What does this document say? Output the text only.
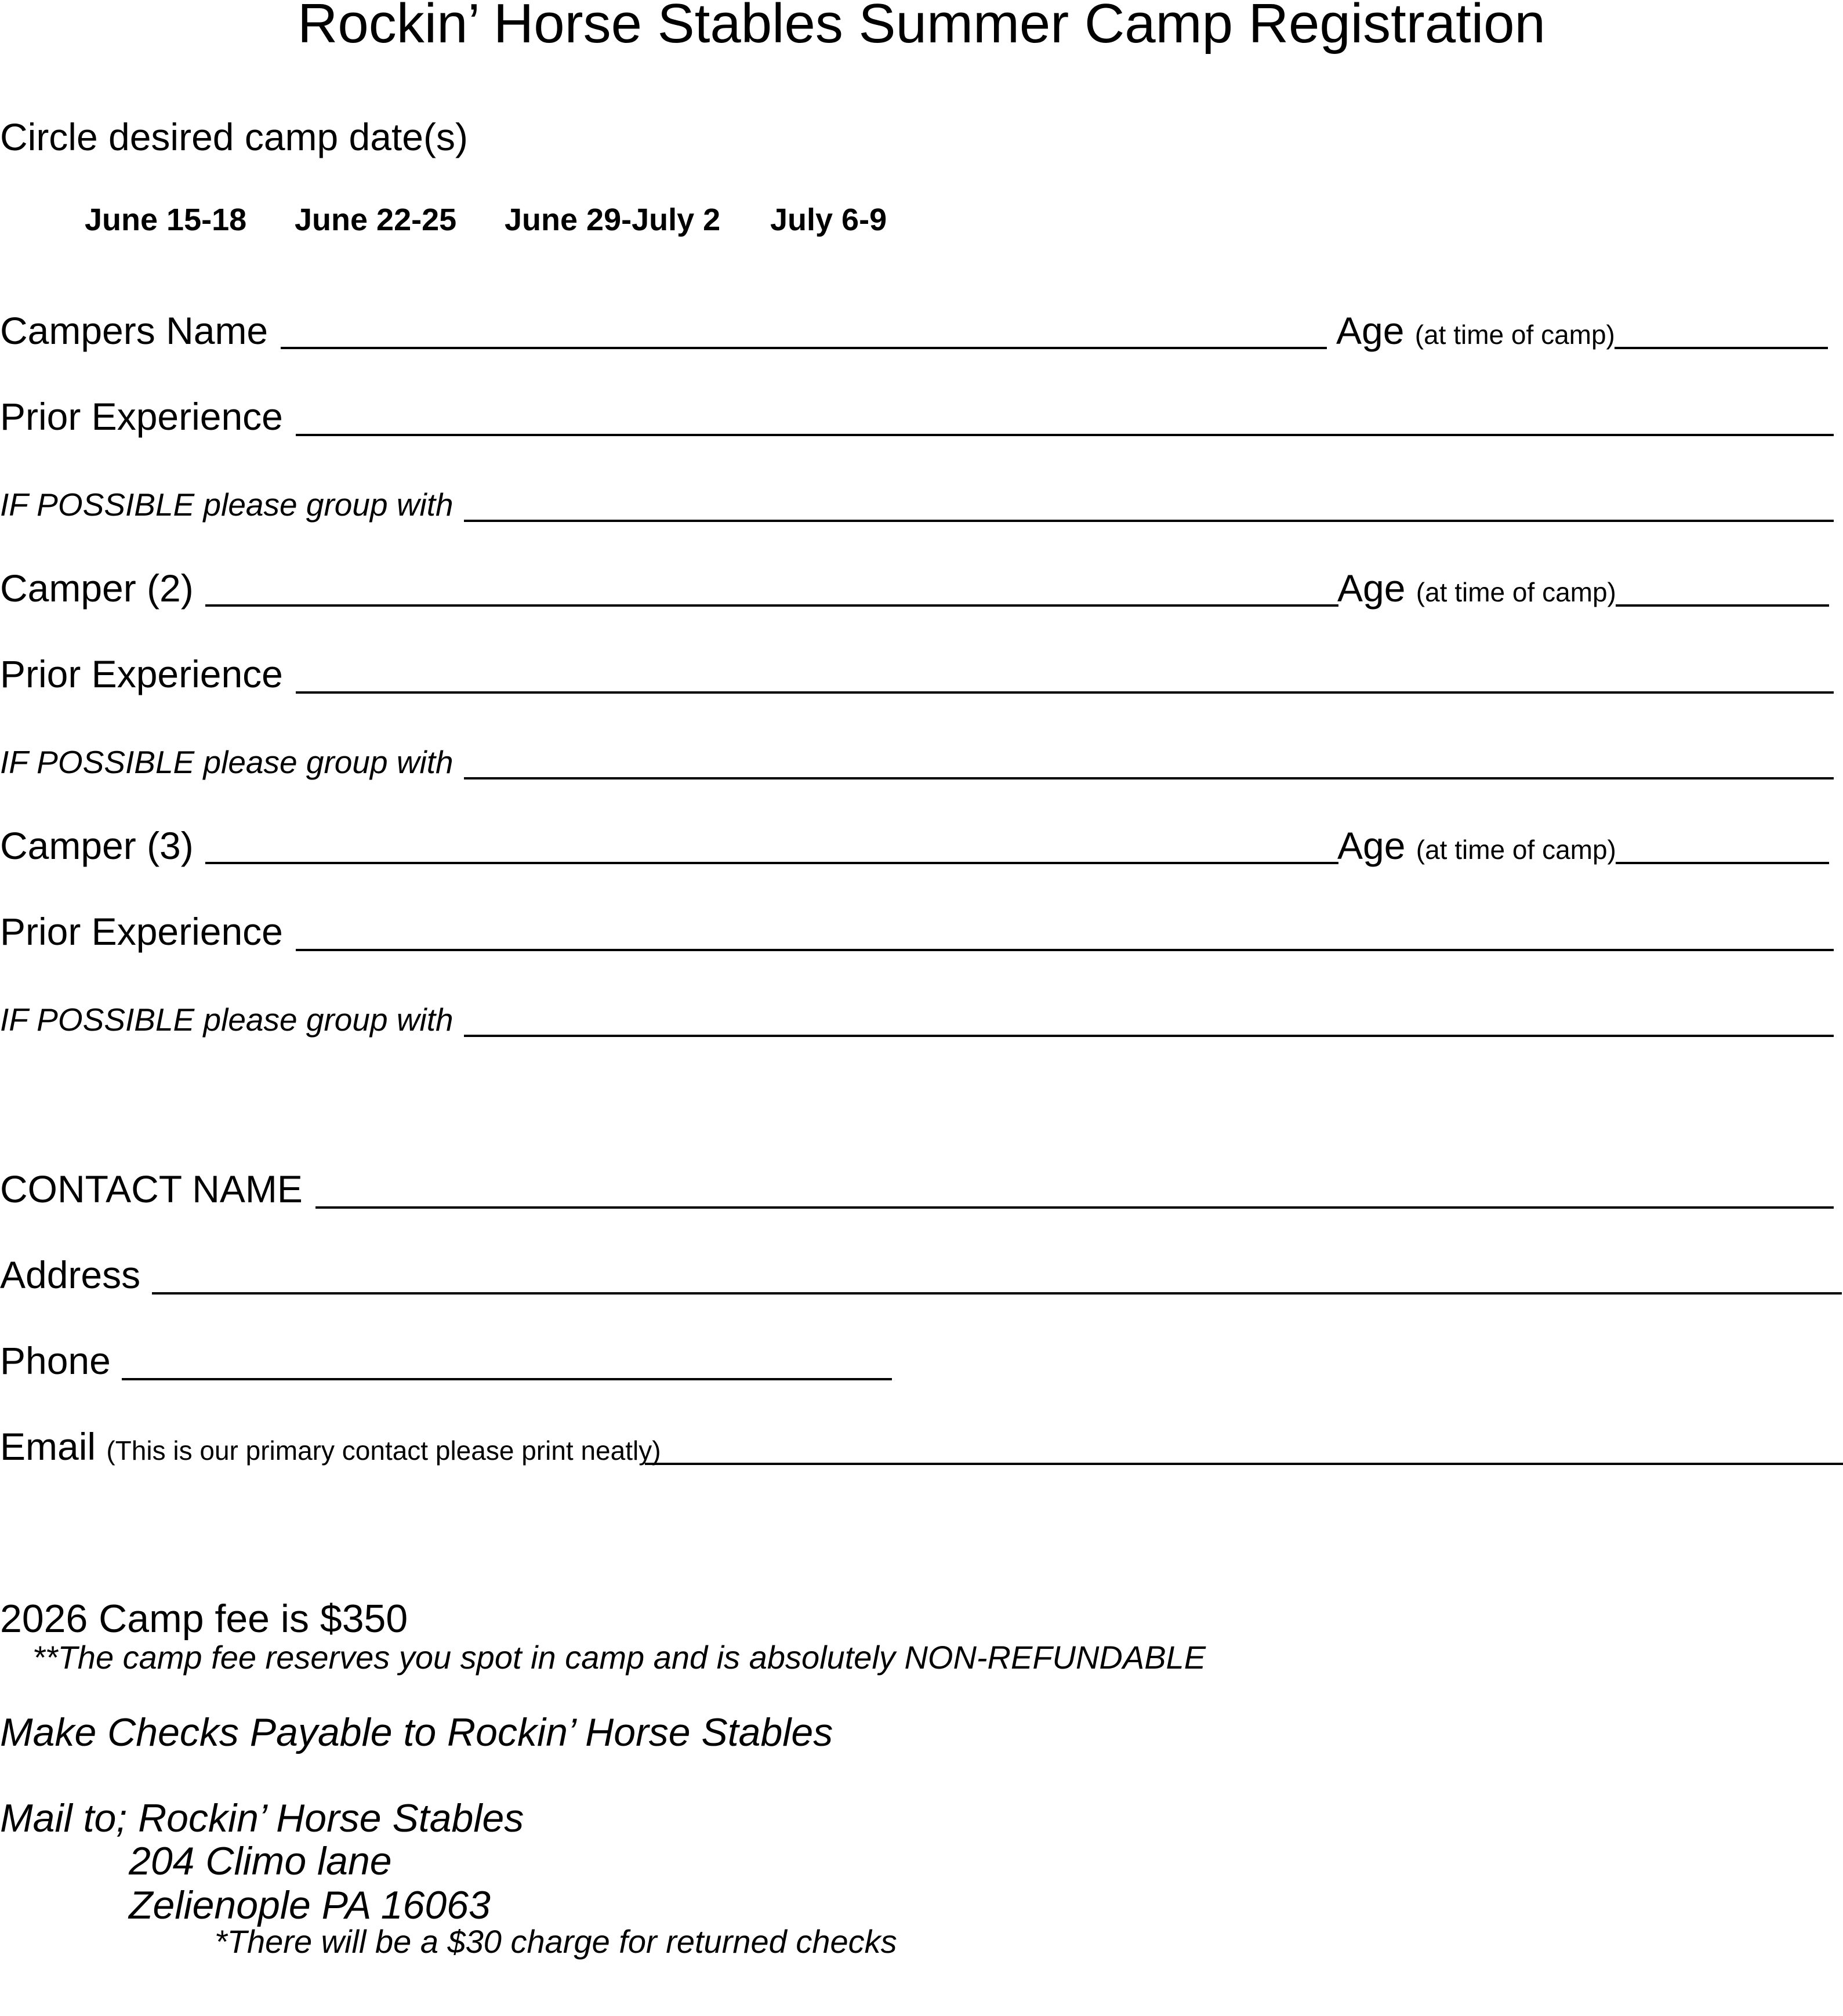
Rockin’ Horse Stables Summer Camp Registration
Circle desired camp date(s)
June 15-18 June 22-25 June 29-July 2 July 6-9
Campers Name	Age (at time of camp)
Prior Experience
IF POSSIBLE please group with
Camper (2)	Age (at time of camp)
Prior Experience
IF POSSIBLE please group with
Camper (3)	Age (at time of camp)
Prior Experience
IF POSSIBLE please group with
CONTACT NAME
Address
Phone
Email (This is our primary contact please print neatly)
2026 Camp fee is $350
**The camp fee reserves you spot in camp and is absolutely NON-REFUNDABLE
Make Checks Payable to Rockin’ Horse Stables
Mail to; Rockin’ Horse Stables
204 Climo lane
Zelienople PA 16063
*There will be a $30 charge for returned checks
